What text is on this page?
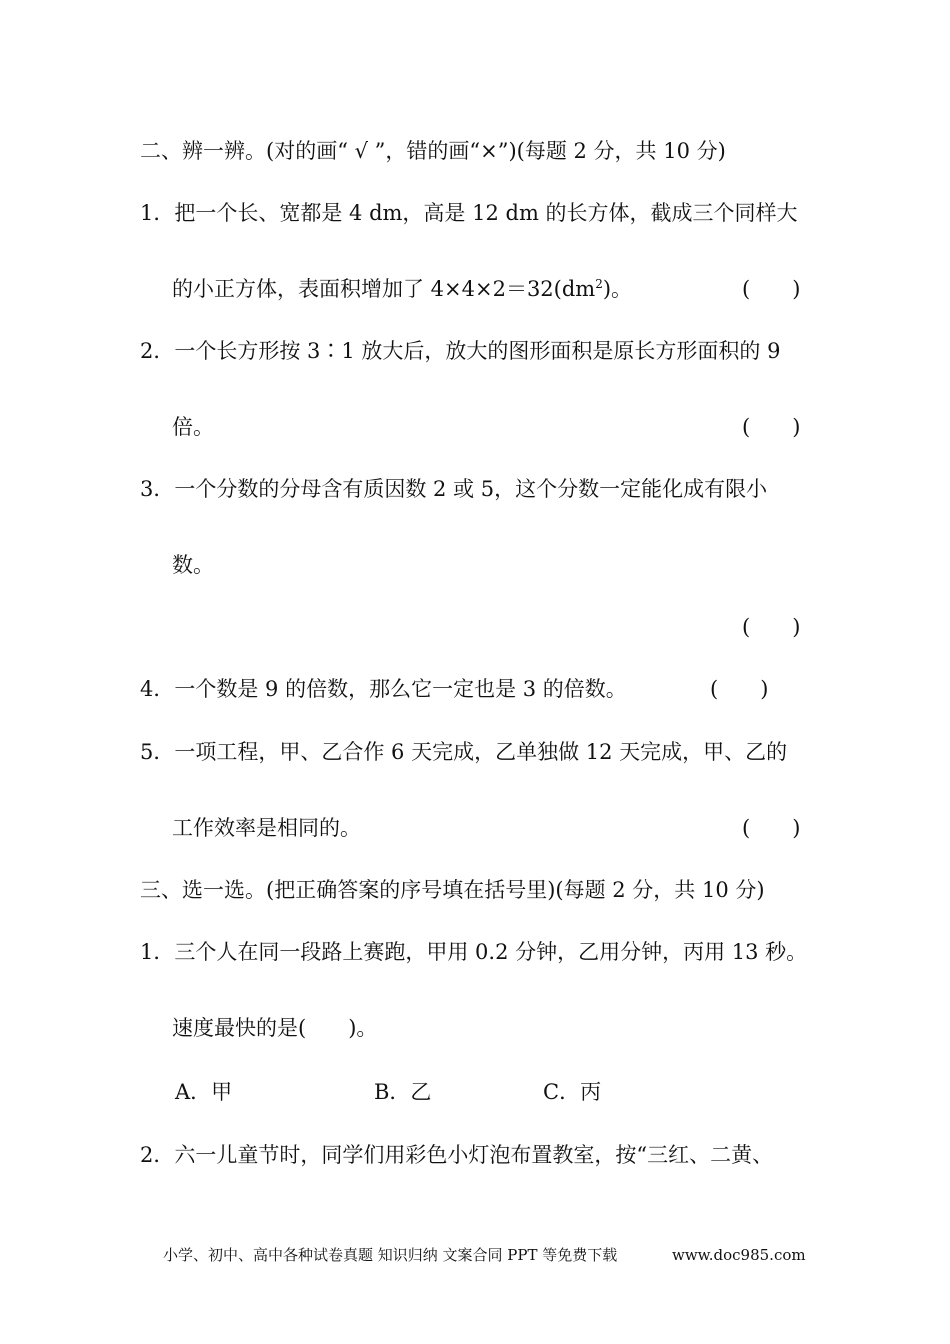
二、辨一辨。(对的画“ √ ”，错的画“×”)(每题 2 分，共 10 分)
1．把一个长、宽都是 4 dm，高是 12 dm 的长方体，截成三个同样大
的小正方体，表面积增加了 $4\times 4\times 2=32(dm^2)$。	(　　)
2．一个长方形按 3∶1 放大后，放大的图形面积是原长方形面积的 9
倍。	(　　)
3．一个分数的分母含有质因数 2 或 5，这个分数一定能化成有限小
数。
(　　)
4．一个数是 9 的倍数，那么它一定也是 3 的倍数。	(　　)
5．一项工程，甲、乙合作 6 天完成，乙单独做 12 天完成，甲、乙的
工作效率是相同的。	(　　)
三、选一选。(把正确答案的序号填在括号里)(每题 2 分，共 10 分)
1．三个人在同一段路上赛跑，甲用 0.2 分钟，乙用分钟，丙用 13 秒。
速度最快的是(　　)。
A．甲	B．乙	C．丙
2．六一儿童节时，同学们用彩色小灯泡布置教室，按“三红、二黄、
小学、初中、高中各种试卷真题 知识归纳 文案合同 PPT 等免费下载	www.doc985.com
